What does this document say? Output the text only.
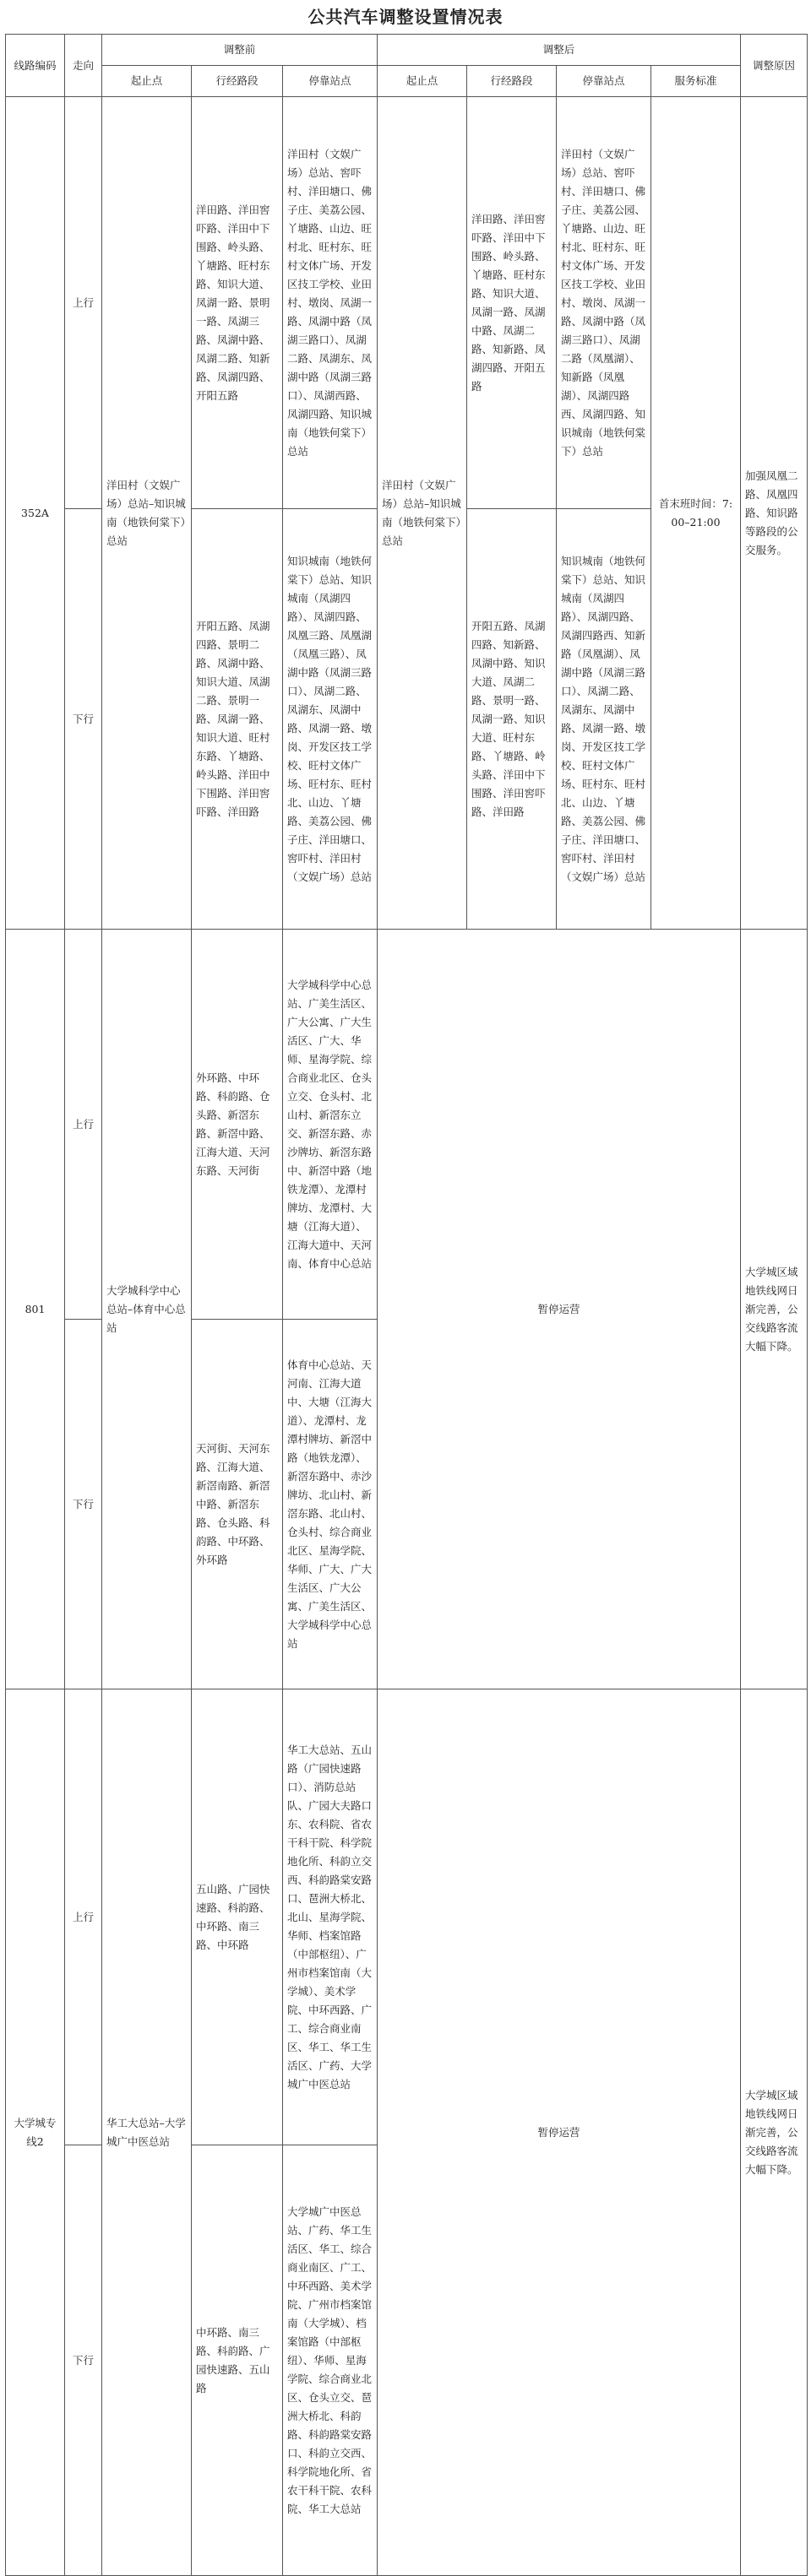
公共汽车调整设置情况表
线路编码	走向	调整前			调整后				调整原因
		起止点	行经路段	停靠站点	起止点	行经路段	停靠站点	服务标准	
352A	上行	洋田村（文娱广场）总站–知识城南（地铁何棠下）总站	洋田路、洋田窖吓路、洋田中下围路、岭头路、丫塘路、旺村东路、知识大道、凤湖一路、景明一路、凤湖三路、凤湖中路、凤湖二路、知新路、凤湖四路、开阳五路	洋田村（文娱广场）总站、窖吓村、洋田塘口、佛子庄、美荔公园、丫塘路、山边、旺村北、旺村东、旺村文体广场、开发区技工学校、业田村、墩岗、凤湖一路、凤湖中路（凤湖三路口）、凤湖二路、凤湖东、凤湖中路（凤湖三路口）、凤湖西路、凤湖四路、知识城南（地铁何棠下）总站	洋田村（文娱广场）总站–知识城南（地铁何棠下）总站	洋田路、洋田窖吓路、洋田中下围路、岭头路、丫塘路、旺村东路、知识大道、凤湖一路、凤湖中路、凤湖二路、知新路、凤湖四路、开阳五路	洋田村（文娱广场）总站、窖吓村、洋田塘口、佛子庄、美荔公园、丫塘路、山边、旺村北、旺村东、旺村文体广场、开发区技工学校、业田村、墩岗、凤湖一路、凤湖中路（凤湖三路口）、凤湖二路（凤凰湖）、知新路（凤凰湖）、凤湖四路西、凤湖四路、知识城南（地铁何棠下）总站	首末班时间：7:00–21:00	加强凤凰二路、凤凰四路、知识路等路段的公交服务。
	下行		开阳五路、凤湖四路、景明二路、凤湖中路、知识大道、凤湖二路、景明一路、凤湖一路、知识大道、旺村东路、丫塘路、岭头路、洋田中下围路、洋田窖吓路、洋田路	知识城南（地铁何棠下）总站、知识城南（凤湖四路）、凤湖四路、凤凰三路、凤凰湖（凤凰三路）、凤湖中路（凤湖三路口）、凤湖二路、凤湖东、凤湖中路、凤湖一路、墩岗、开发区技工学校、旺村文体广场、旺村东、旺村北、山边、丫塘路、美荔公园、佛子庄、洋田塘口、窖吓村、洋田村（文娱广场）总站		开阳五路、凤湖四路、知新路、凤湖中路、知识大道、凤湖二路、景明一路、凤湖一路、知识大道、旺村东路、丫塘路、岭头路、洋田中下围路、洋田窖吓路、洋田路	知识城南（地铁何棠下）总站、知识城南（凤湖四路）、凤湖四路、凤湖四路西、知新路（凤凰湖）、凤湖中路（凤湖三路口）、凤湖二路、凤湖东、凤湖中路、凤湖一路、墩岗、开发区技工学校、旺村文体广场、旺村东、旺村北、山边、丫塘路、美荔公园、佛子庄、洋田塘口、窖吓村、洋田村（文娱广场）总站		
801	上行	大学城科学中心总站–体育中心总站	外环路、中环路、科韵路、仓头路、新滘东路、新滘中路、江海大道、天河东路、天河街	大学城科学中心总站、广美生活区、广大公寓、广大生活区、广大、华师、星海学院、综合商业北区、仓头立交、仓头村、北山村、新滘东立交、新滘东路、赤沙牌坊、新滘东路中、新滘中路（地铁龙潭）、龙潭村牌坊、龙潭村、大塘（江海大道）、江海大道中、天河南、体育中心总站	暂停运营				大学城区域地铁线网日渐完善，公交线路客流大幅下降。
	下行		天河街、天河东路、江海大道、新滘南路、新滘中路、新滘东路、仓头路、科韵路、中环路、外环路	体育中心总站、天河南、江海大道中、大塘（江海大道）、龙潭村、龙潭村牌坊、新滘中路（地铁龙潭）、新滘东路中、赤沙牌坊、北山村、新滘东路、北山村、仓头村、综合商业北区、星海学院、华师、广大、广大生活区、广大公寓、广美生活区、大学城科学中心总站					
大学城专线2	上行	华工大总站–大学城广中医总站	五山路、广园快速路、科韵路、中环路、南三路、中环路	华工大总站、五山路（广园快速路口）、消防总站队、广园大夫路口东、农科院、省农干科干院、科学院地化所、科韵立交西、科韵路棠安路口、琶洲大桥北、北山、星海学院、华师、档案馆路（中部枢纽）、广州市档案馆南（大学城）、美术学院、中环西路、广工、综合商业南区、华工、华工生活区、广药、大学城广中医总站	暂停运营				大学城区域地铁线网日渐完善，公交线路客流大幅下降。
	下行		中环路、南三路、科韵路、广园快速路、五山路	大学城广中医总站、广药、华工生活区、华工、综合商业南区、广工、中环西路、美术学院、广州市档案馆南（大学城）、档案馆路（中部枢纽）、华师、星海学院、综合商业北区、仓头立交、琶洲大桥北、科韵路、科韵路棠安路口、科韵立交西、科学院地化所、省农干科干院、农科院、华工大总站					
